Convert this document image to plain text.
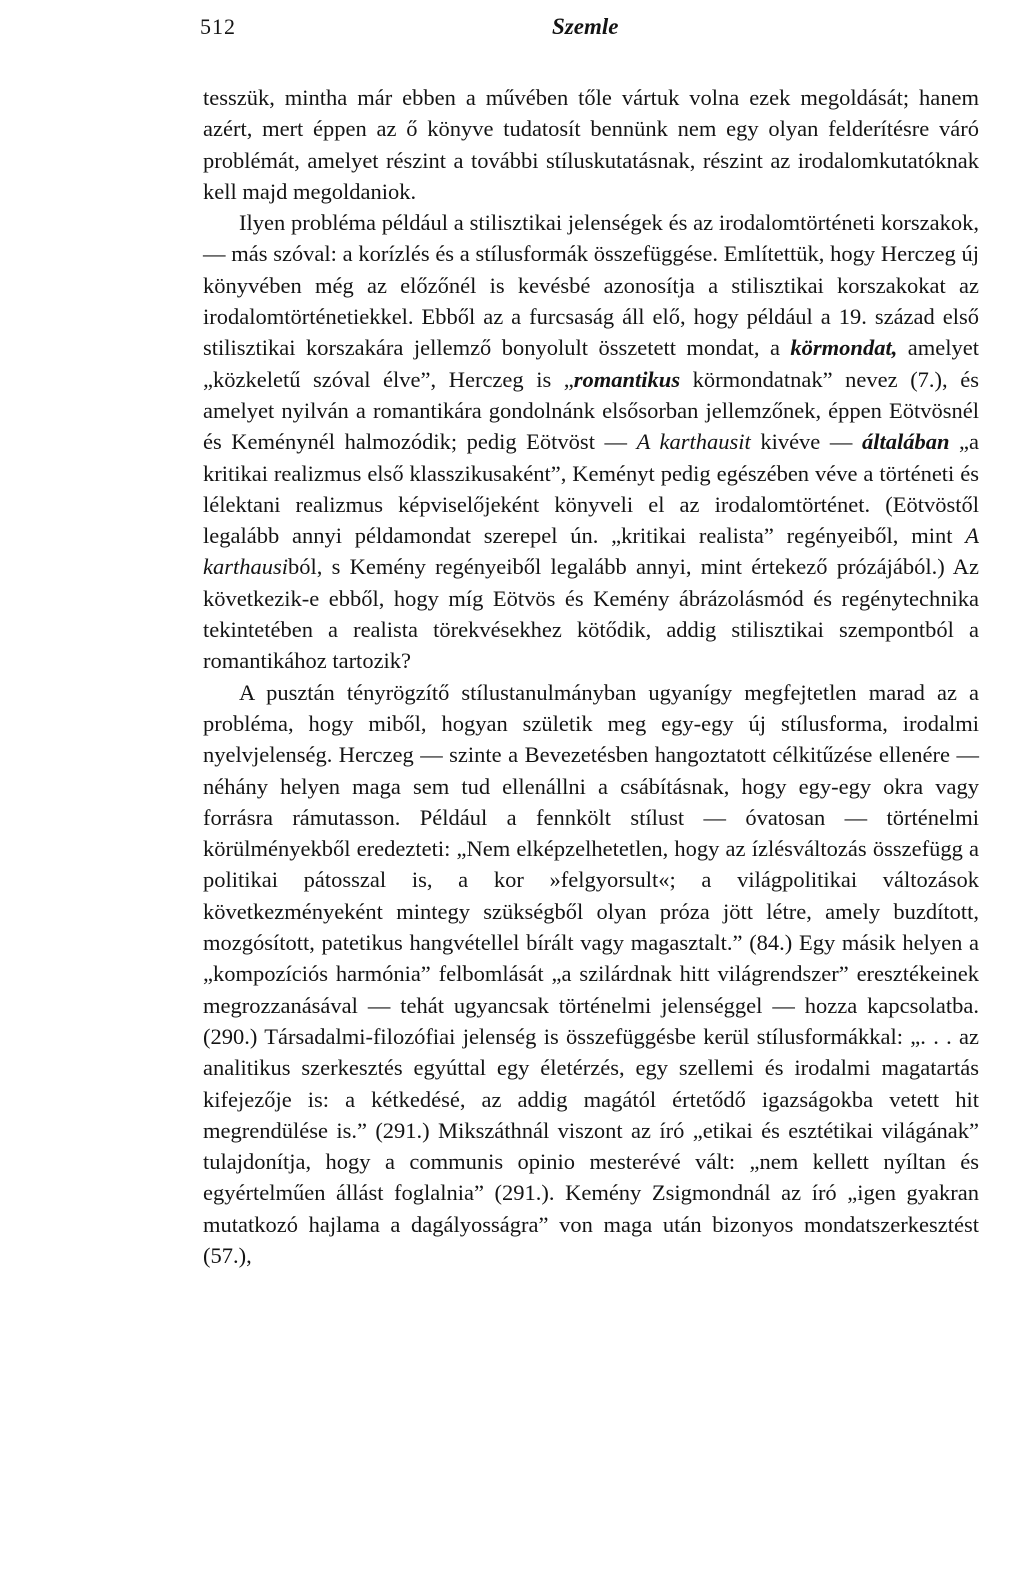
512	Szemle

tesszük, mintha már ebben a művében tőle vártuk volna ezek megoldását; hanem azért, mert éppen az ő könyve tudatosít bennünk nem egy olyan felderítésre váró problémát, amelyet részint a további stíluskutatásnak, részint az irodalomkutatóknak kell majd megoldaniok.

Ilyen probléma például a stilisztikai jelenségek és az irodalomtörténeti korszakok, — más szóval: a korízlés és a stílusformák összefüggése. Említettük, hogy Herczeg új könyvében még az előzőnél is kevésbé azonosítja a stilisztikai korszakokat az irodalomtörténetiekkel. Ebből az a furcsaság áll elő, hogy például a 19. század első stilisztikai korszakára jellemző bonyolult összetett mondat, a körmondat, amelyet „közkeletű szóval élve”, Herczeg is „romantikus körmondatnak” nevez (7.), és amelyet nyilván a romantikára gondolnánk elsősorban jellemzőnek, éppen Eötvösnél és Keménynél halmozódik; pedig Eötvöst — A karthausit kivéve — általában „a kritikai realizmus első klasszikusaként”, Keményt pedig egészében véve a történeti és lélektani realizmus képviselőjeként könyveli el az irodalomtörténet. (Eötvöstől legalább annyi példamondat szerepel ún. „kritikai realista” regényeiből, mint A karthausiból, s Kemény regényeiből legalább annyi, mint értekező prózájából.) Az következik-e ebből, hogy míg Eötvös és Kemény ábrázolásmód és regénytechnika tekintetében a realista törekvésekhez kötődik, addig stilisztikai szempontból a romantikához tartozik?

A pusztán tényrögzítő stílustanulmányban ugyanígy megfejtetlen marad az a probléma, hogy miből, hogyan születik meg egy-egy új stílusforma, irodalmi nyelvjelenség. Herczeg — szinte a Bevezetésben hangoztatott célkitűzése ellenére — néhány helyen maga sem tud ellenállni a csábításnak, hogy egy-egy okra vagy forrásra rámutasson. Például a fennkölt stílust — óvatosan — történelmi körülményekből eredezteti: „Nem elképzelhetetlen, hogy az ízlésváltozás összefügg a politikai pátosszal is, a kor »felgyorsult«; a világpolitikai változások következményeként mintegy szükségből olyan próza jött létre, amely buzdított, mozgósított, patetikus hangvétellel bírált vagy magasztalt.” (84.) Egy másik helyen a „kompozíciós harmónia” felbomlását „a szilárdnak hitt világrendszer” eresztékeinek megrozzanásával — tehát ugyancsak történelmi jelenséggel — hozza kapcsolatba. (290.) Társadalmi-filozófiai jelenség is összefüggésbe kerül stílusformákkal: „. . . az analitikus szerkesztés egyúttal egy életérzés, egy szellemi és irodalmi magatartás kifejezője is: a kétkedésé, az addig magától értetődő igazságokba vetett hit megrendülése is.” (291.) Mikszáthnál viszont az író „etikai és esztétikai világának” tulajdonítja, hogy a communis opinio mesterévé vált: „nem kellett nyíltan és egyértelműen állást foglalnia” (291.). Kemény Zsigmondnál az író „igen gyakran mutatkozó hajlama a dagályosságra” von maga után bizonyos mondatszerkesztést (57.),
